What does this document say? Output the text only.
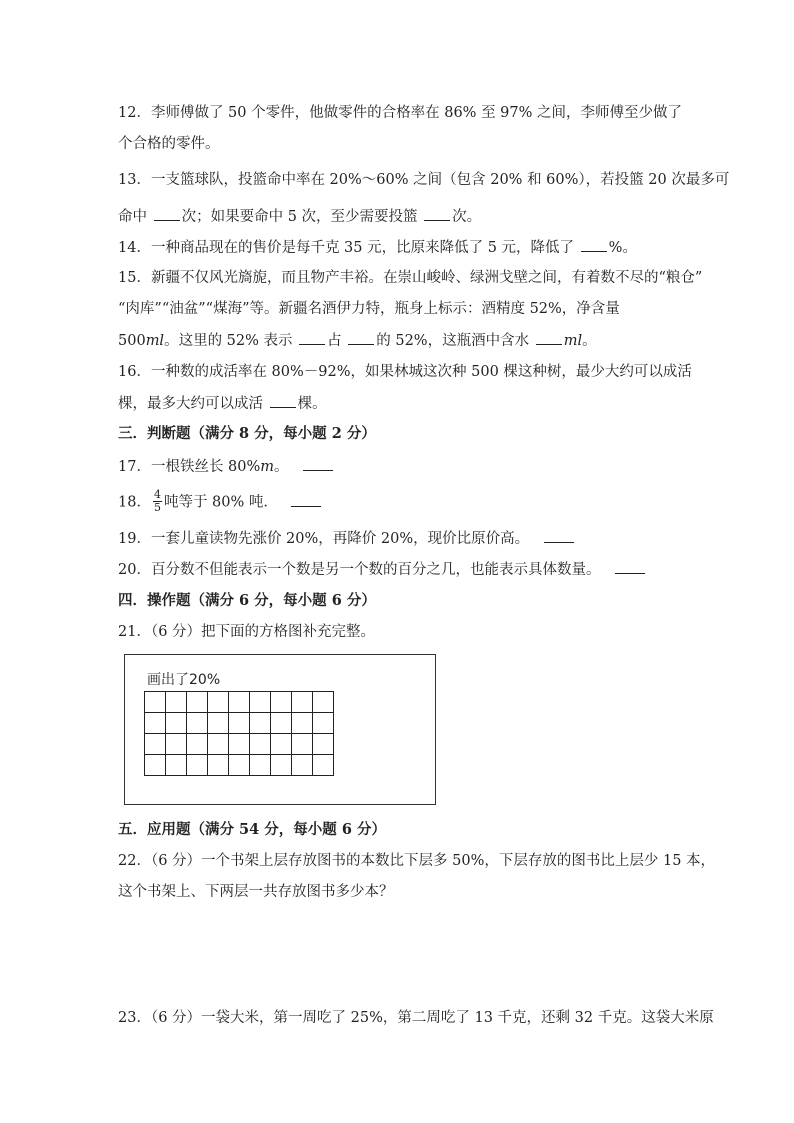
12．李师傅做了 50 个零件，他做零件的合格率在 86% 至 97% 之间，李师傅至少做了
个合格的零件。
13．一支篮球队，投篮命中率在 20%～60% 之间（包含 20% 和 60%），若投篮 20 次最多可
命中 次；如果要命中 5 次，至少需要投篮 次。
14．一种商品现在的售价是每千克 35 元，比原来降低了 5 元，降低了 %。
15．新疆不仅风光旖旎，而且物产丰裕。在崇山峻岭、绿洲戈壁之间，有着数不尽的“粮仓”
“肉库”“油盆”“煤海”等。新疆名酒伊力特，瓶身上标示：酒精度 52%，净含量
500ml。这里的 52% 表示 占 的 52%，这瓶酒中含水 ml。
16．一种数的成活率在 80%－92%，如果林城这次种 500 棵这种树，最少大约可以成活
棵，最多大约可以成活 棵。
三．判断题（满分 8 分，每小题 2 分）
17．一根铁丝长 80%m。
18． $\frac{4}{5}$ 吨等于 80% 吨．
19．一套儿童读物先涨价 20%，再降价 20%，现价比原价高。
20．百分数不但能表示一个数是另一个数的百分之几，也能表示具体数量。
四．操作题（满分 6 分，每小题 6 分）
21．（6 分）把下面的方格图补充完整。
画出了20%
五．应用题（满分 54 分，每小题 6 分）
22．（6 分）一个书架上层存放图书的本数比下层多 50%，下层存放的图书比上层少 15 本，
这个书架上、下两层一共存放图书多少本？
23．（6 分）一袋大米，第一周吃了 25%，第二周吃了 13 千克，还剩 32 千克。这袋大米原
